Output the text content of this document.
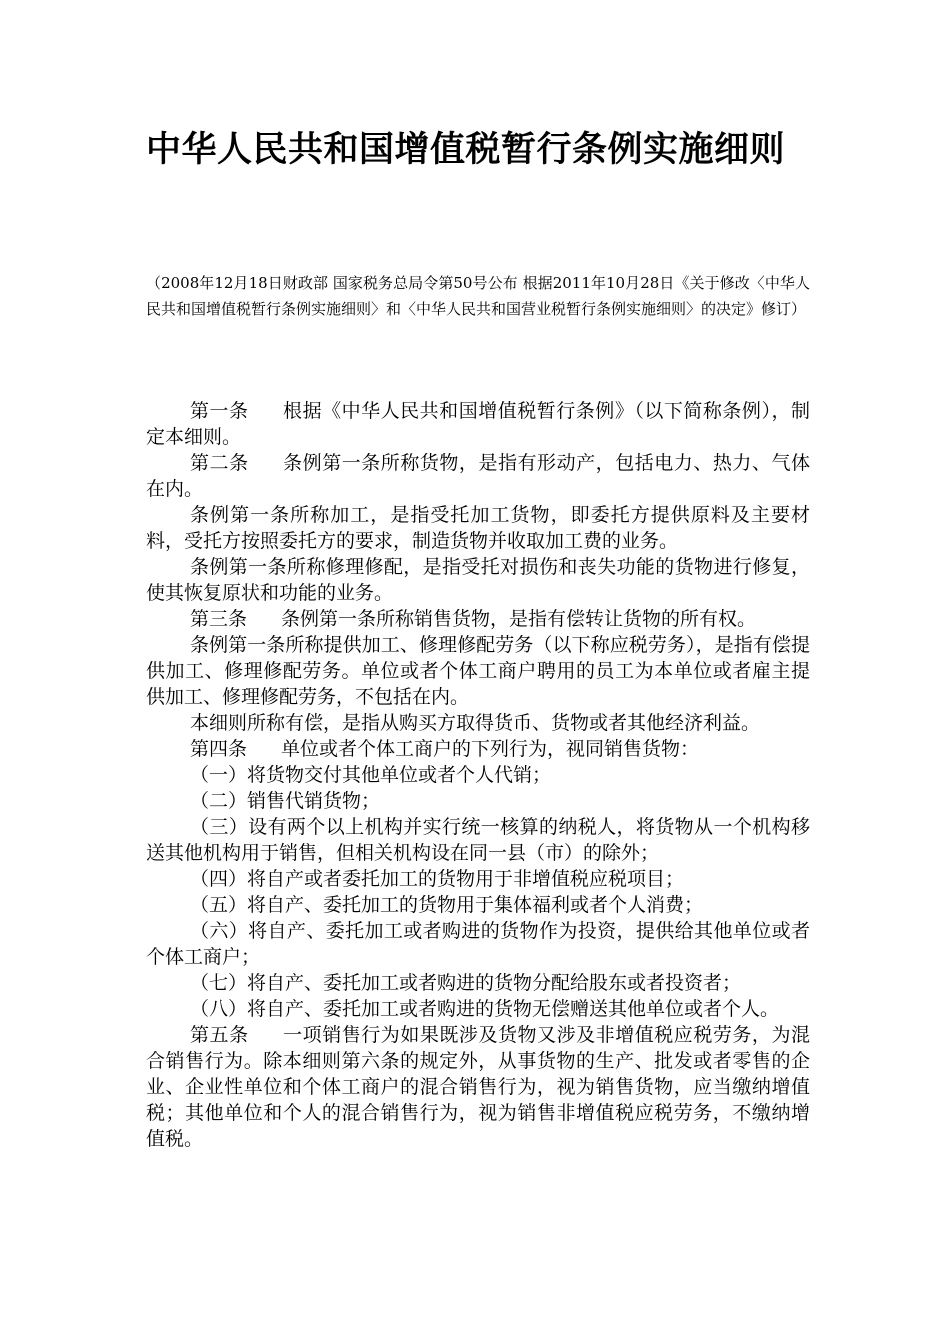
中华人民共和国增值税暂行条例实施细则

（2008年12月18日财政部 国家税务总局令第50号公布 根据2011年10月28日《关于修改〈中华人民共和国增值税暂行条例实施细则〉和〈中华人民共和国营业税暂行条例实施细则〉的决定》修订）

第一条 根据《中华人民共和国增值税暂行条例》（以下简称条例），制定本细则。

第二条 条例第一条所称货物，是指有形动产，包括电力、热力、气体在内。

条例第一条所称加工，是指受托加工货物，即委托方提供原料及主要材料，受托方按照委托方的要求，制造货物并收取加工费的业务。

条例第一条所称修理修配，是指受托对损伤和丧失功能的货物进行修复，使其恢复原状和功能的业务。

第三条 条例第一条所称销售货物，是指有偿转让货物的所有权。

条例第一条所称提供加工、修理修配劳务（以下称应税劳务），是指有偿提供加工、修理修配劳务。单位或者个体工商户聘用的员工为本单位或者雇主提供加工、修理修配劳务，不包括在内。

本细则所称有偿，是指从购买方取得货币、货物或者其他经济利益。

第四条 单位或者个体工商户的下列行为，视同销售货物：

（一）将货物交付其他单位或者个人代销；

（二）销售代销货物；

（三）设有两个以上机构并实行统一核算的纳税人，将货物从一个机构移送其他机构用于销售，但相关机构设在同一县（市）的除外；

（四）将自产或者委托加工的货物用于非增值税应税项目；

（五）将自产、委托加工的货物用于集体福利或者个人消费；

（六）将自产、委托加工或者购进的货物作为投资，提供给其他单位或者个体工商户；

（七）将自产、委托加工或者购进的货物分配给股东或者投资者；

（八）将自产、委托加工或者购进的货物无偿赠送其他单位或者个人。

第五条 一项销售行为如果既涉及货物又涉及非增值税应税劳务，为混合销售行为。除本细则第六条的规定外，从事货物的生产、批发或者零售的企业、企业性单位和个体工商户的混合销售行为，视为销售货物，应当缴纳增值税；其他单位和个人的混合销售行为，视为销售非增值税应税劳务，不缴纳增值税。
